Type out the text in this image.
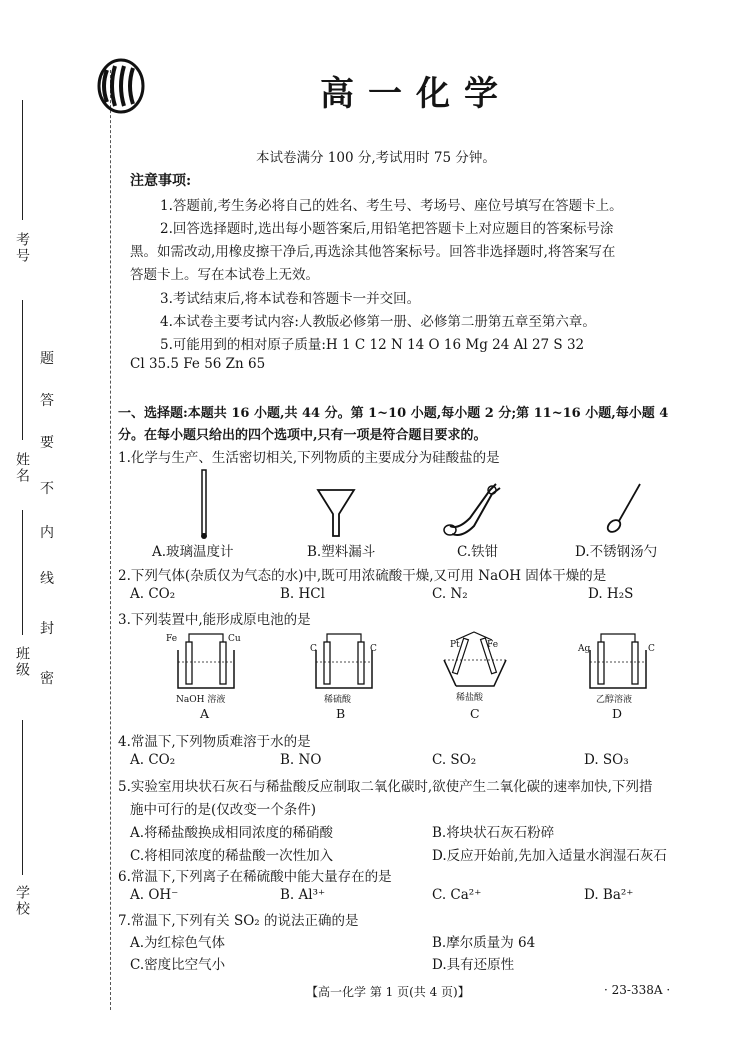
考号
姓名
班级
学校
题
答
要
不
内
线
封
密
高一化学
本试卷满分 100 分,考试用时 75 分钟。
注意事项:
1.答题前,考生务必将自己的姓名、考生号、考场号、座位号填写在答题卡上。
2.回答选择题时,选出每小题答案后,用铅笔把答题卡上对应题目的答案标号涂
黑。如需改动,用橡皮擦干净后,再选涂其他答案标号。回答非选择题时,将答案写在
答题卡上。写在本试卷上无效。
3.考试结束后,将本试卷和答题卡一并交回。
4.本试卷主要考试内容:人教版必修第一册、必修第二册第五章至第六章。
5.可能用到的相对原子质量:H 1 C 12 N 14 O 16 Mg 24 Al 27 S 32
Cl 35.5 Fe 56 Zn 65
一、选择题:本题共 16 小题,共 44 分。第 1~10 小题,每小题 2 分;第 11~16 小题,每小题 4
分。在每小题只给出的四个选项中,只有一项是符合题目要求的。
1.化学与生产、生活密切相关,下列物质的主要成分为硅酸盐的是
A.玻璃温度计	B.塑料漏斗	C.铁钳	D.不锈钢汤勺
2.下列气体(杂质仅为气态的水)中,既可用浓硫酸干燥,又可用 NaOH 固体干燥的是
A. CO₂	B. HCl	C. N₂	D. H₂S
3.下列装置中,能形成原电池的是
Fe	Cu
NaOH 溶液
A
C	C
稀硫酸
B
Pt	Fe
稀盐酸
C
Ag	C
乙醇溶液
D
4.常温下,下列物质难溶于水的是
A. CO₂	B. NO	C. SO₂	D. SO₃
5.实验室用块状石灰石与稀盐酸反应制取二氧化碳时,欲使产生二氧化碳的速率加快,下列措
施中可行的是(仅改变一个条件)
A.将稀盐酸换成相同浓度的稀硝酸	B.将块状石灰石粉碎
C.将相同浓度的稀盐酸一次性加入	D.反应开始前,先加入适量水润湿石灰石
6.常温下,下列离子在稀硫酸中能大量存在的是
A. OH⁻	B. Al³⁺	C. Ca²⁺	D. Ba²⁺
7.常温下,下列有关 SO₂ 的说法正确的是
A.为红棕色气体	B.摩尔质量为 64
C.密度比空气小	D.具有还原性
【高一化学 第 1 页(共 4 页)】	· 23-338A ·
